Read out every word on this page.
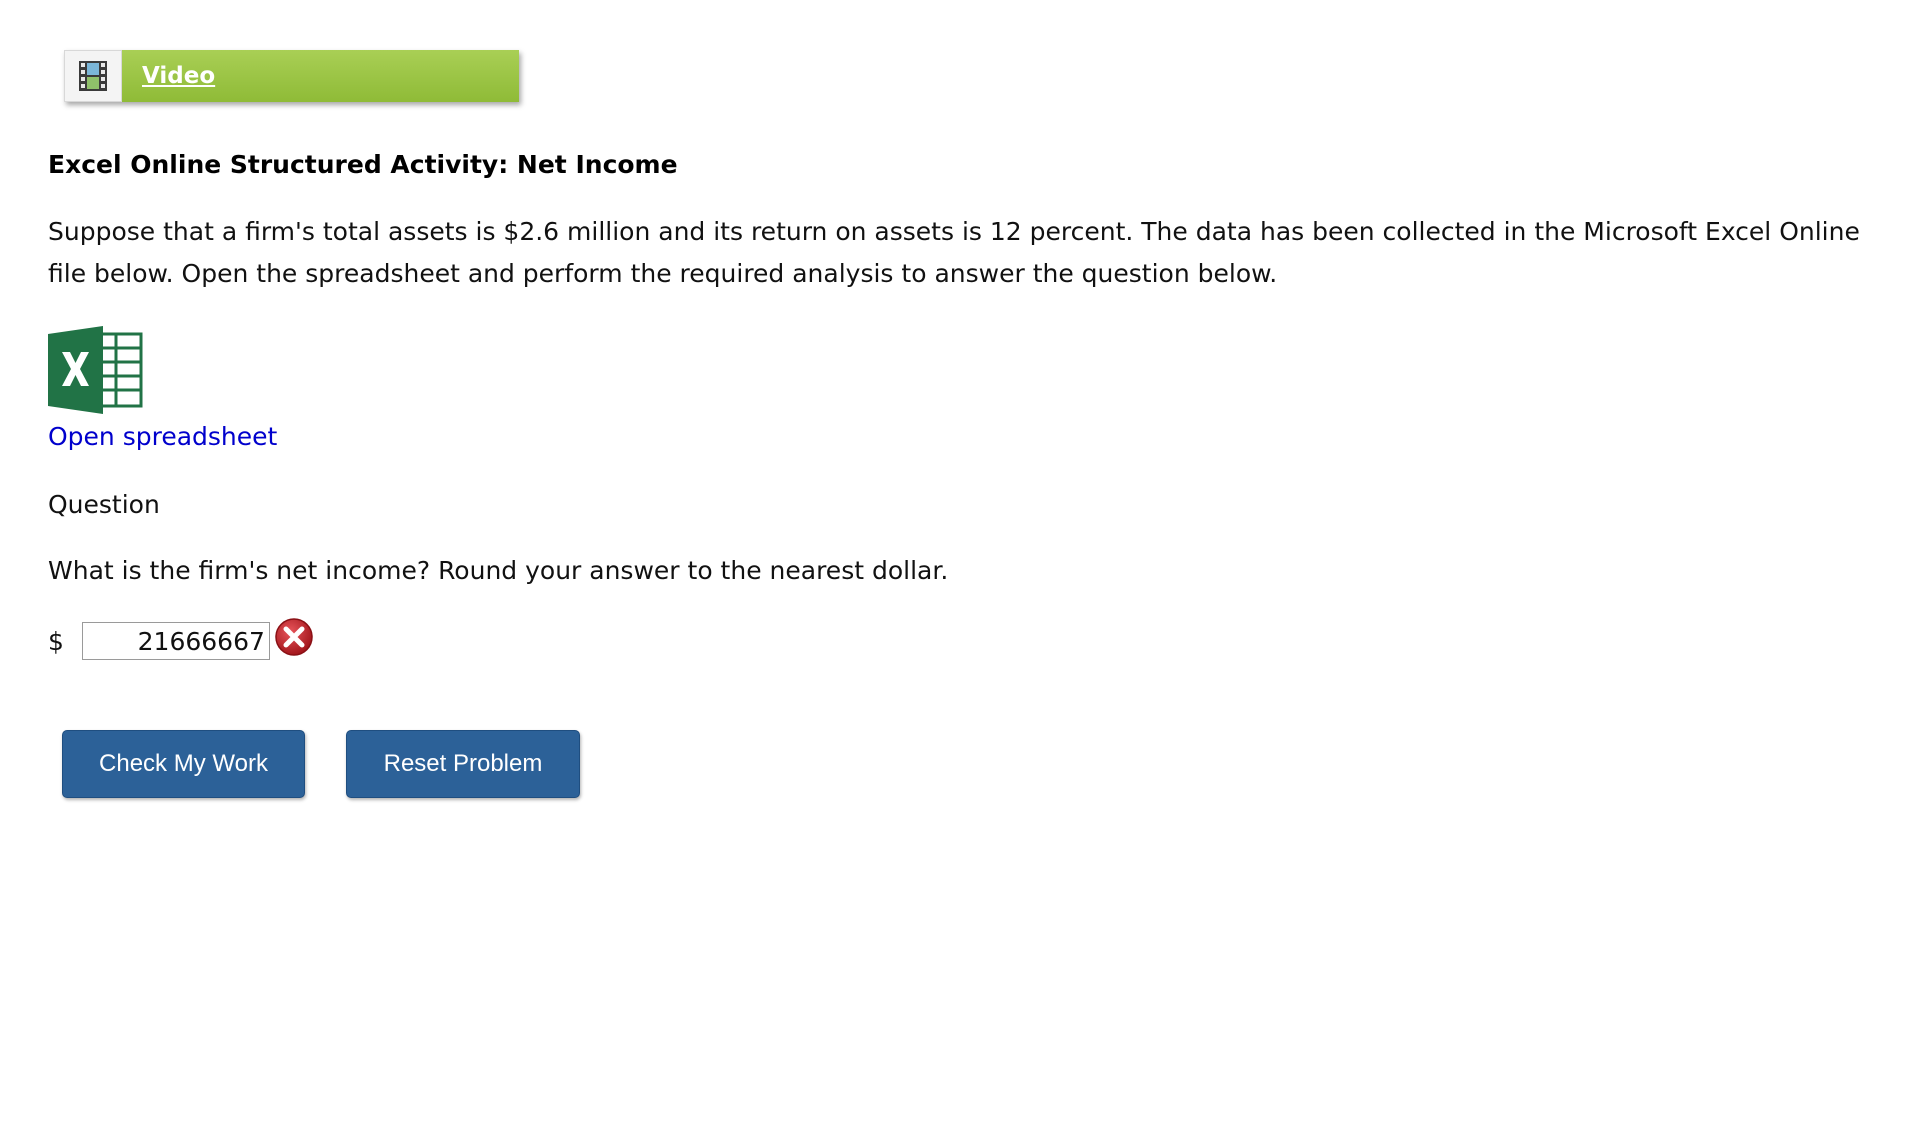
Video
Excel Online Structured Activity: Net Income
Suppose that a firm's total assets is $2.6 million and its return on assets is 12 percent. The data has been collected in the Microsoft Excel Online file below. Open the spreadsheet and perform the required analysis to answer the question below.
Open spreadsheet
Question
What is the firm's net income? Round your answer to the nearest dollar.
$
21666667
Check My Work	Reset Problem
